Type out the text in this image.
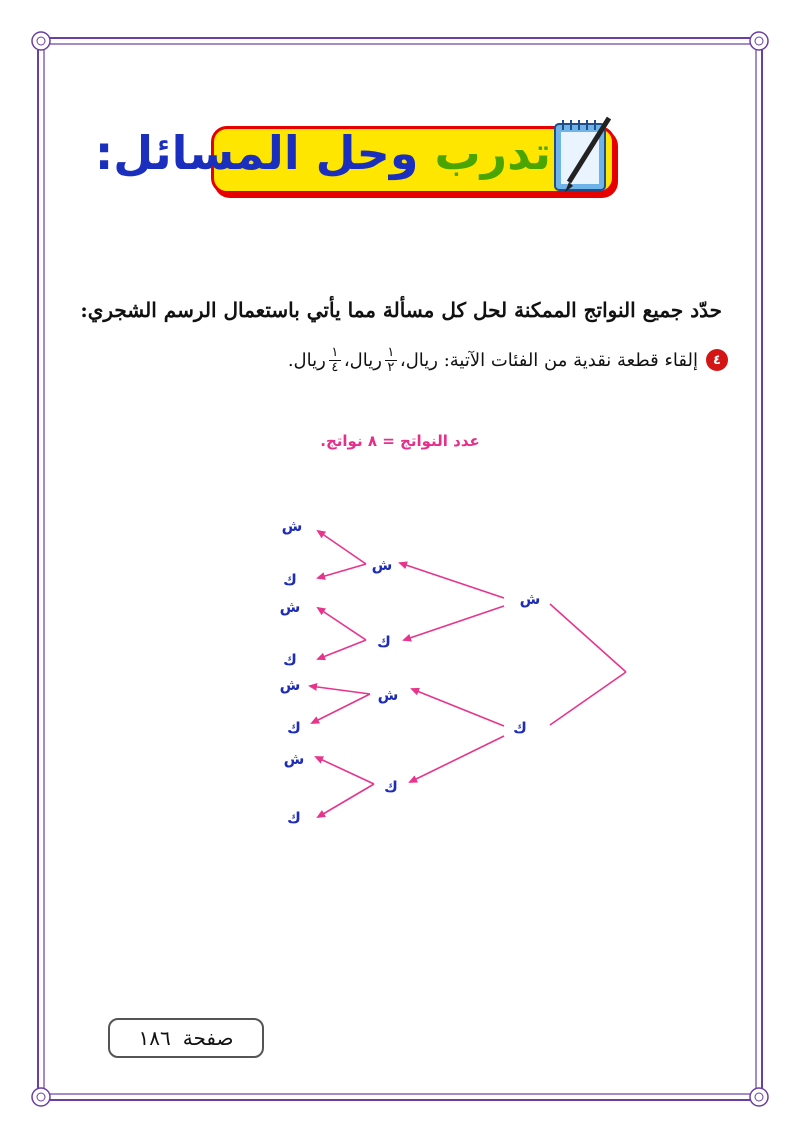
تدرب وحل المسائل:
حدّد جميع النواتج الممكنة لحل كل مسألة مما يأتي باستعمال الرسم الشجري:
٤
إلقاء قطعة نقدية من الفئات الآتية: ريال،
$\frac{١}{٢}$
ريال،
$\frac{١}{٤}$
ريال.
عدد النواتج = ٨ نواتج.
ش
ك
ش
ك
ش
ك
ش
ك
ش
ك
ش
ك
ش
ك
صفحة
١٨٦
